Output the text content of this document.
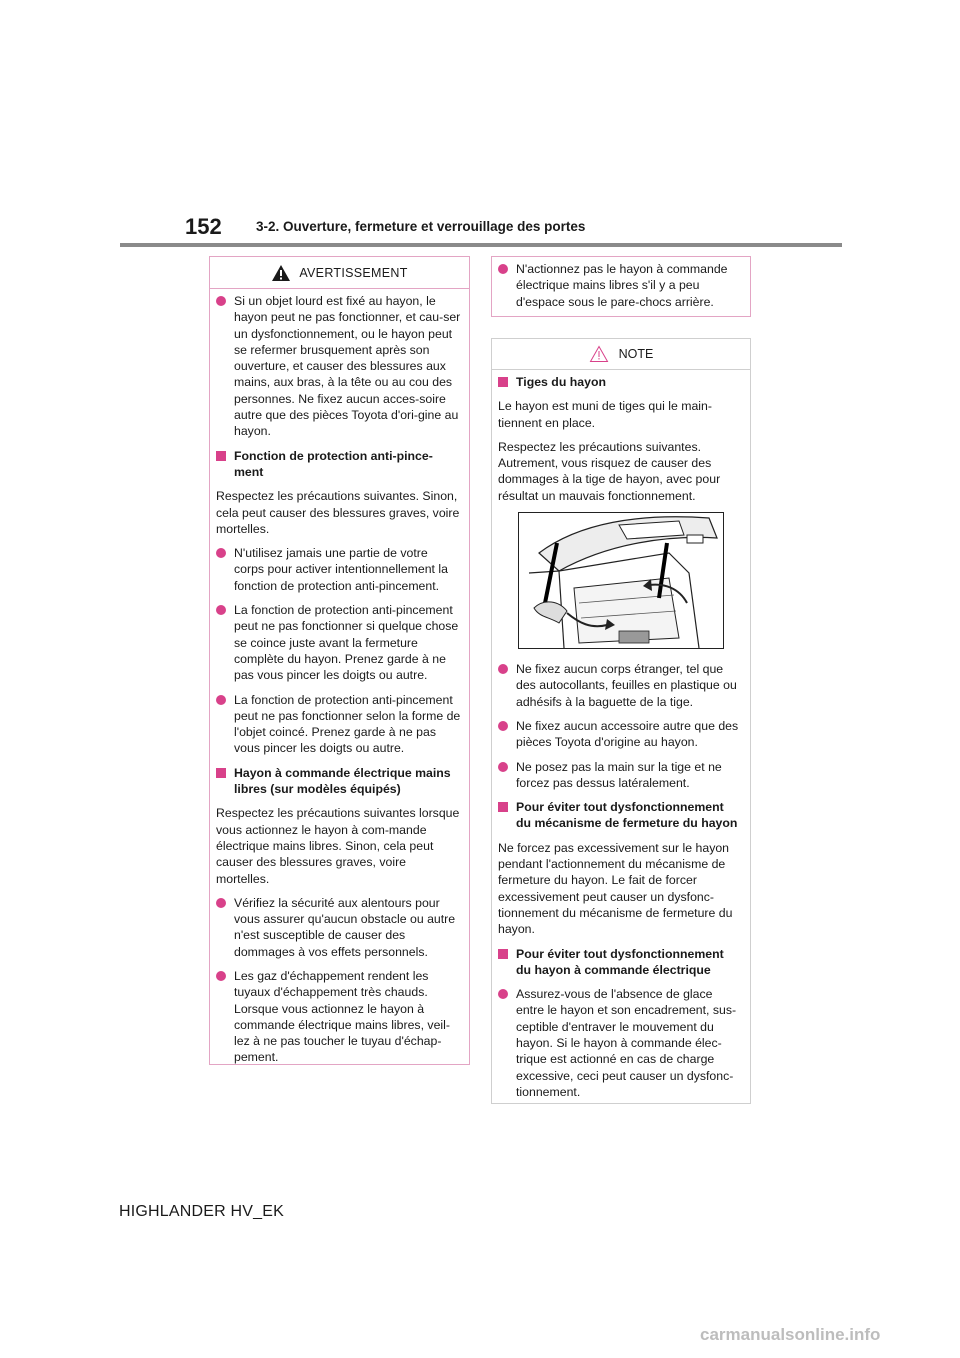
152	3-2. Ouverture, fermeture et verrouillage des portes
AVERTISSEMENT
Si un objet lourd est fixé au hayon, le hayon peut ne pas fonctionner, et cau-ser un dysfonctionnement, ou le hayon peut se refermer brusquement après son ouverture, et causer des blessures aux mains, aux bras, à la tête ou au cou des personnes. Ne fixez aucun acces-soire autre que des pièces Toyota d'ori-gine au hayon.
Fonction de protection anti-pince-ment
Respectez les précautions suivantes. Sinon, cela peut causer des blessures graves, voire mortelles.
N'utilisez jamais une partie de votre corps pour activer intentionnellement la fonction de protection anti-pincement.
La fonction de protection anti-pincement peut ne pas fonctionner si quelque chose se coince juste avant la fermeture complète du hayon. Prenez garde à ne pas vous pincer les doigts ou autre.
La fonction de protection anti-pincement peut ne pas fonctionner selon la forme de l'objet coincé. Prenez garde à ne pas vous pincer les doigts ou autre.
Hayon à commande électrique mains libres (sur modèles équipés)
Respectez les précautions suivantes lorsque vous actionnez le hayon à com-mande électrique mains libres. Sinon, cela peut causer des blessures graves, voire mortelles.
Vérifiez la sécurité aux alentours pour vous assurer qu'aucun obstacle ou autre n'est susceptible de causer des dommages à vos effets personnels.
Les gaz d'échappement rendent les tuyaux d'échappement très chauds. Lorsque vous actionnez le hayon à commande électrique mains libres, veil-lez à ne pas toucher le tuyau d'échap-pement.
N'actionnez pas le hayon à commande électrique mains libres s'il y a peu d'espace sous le pare-chocs arrière.
NOTE
Tiges du hayon
Le hayon est muni de tiges qui le main-tiennent en place.
Respectez les précautions suivantes. Autrement, vous risquez de causer des dommages à la tige de hayon, avec pour résultat un mauvais fonctionnement.
Ne fixez aucun corps étranger, tel que des autocollants, feuilles en plastique ou adhésifs à la baguette de la tige.
Ne fixez aucun accessoire autre que des pièces Toyota d'origine au hayon.
Ne posez pas la main sur la tige et ne forcez pas dessus latéralement.
Pour éviter tout dysfonctionnement du mécanisme de fermeture du hayon
Ne forcez pas excessivement sur le hayon pendant l'actionnement du mécanisme de fermeture du hayon. Le fait de forcer excessivement peut causer un dysfonc-tionnement du mécanisme de fermeture du hayon.
Pour éviter tout dysfonctionnement du hayon à commande électrique
Assurez-vous de l'absence de glace entre le hayon et son encadrement, sus-ceptible d'entraver le mouvement du hayon. Si le hayon à commande élec-trique est actionné en cas de charge excessive, ceci peut causer un dysfonc-tionnement.
HIGHLANDER HV_EK
carmanualsonline.info
